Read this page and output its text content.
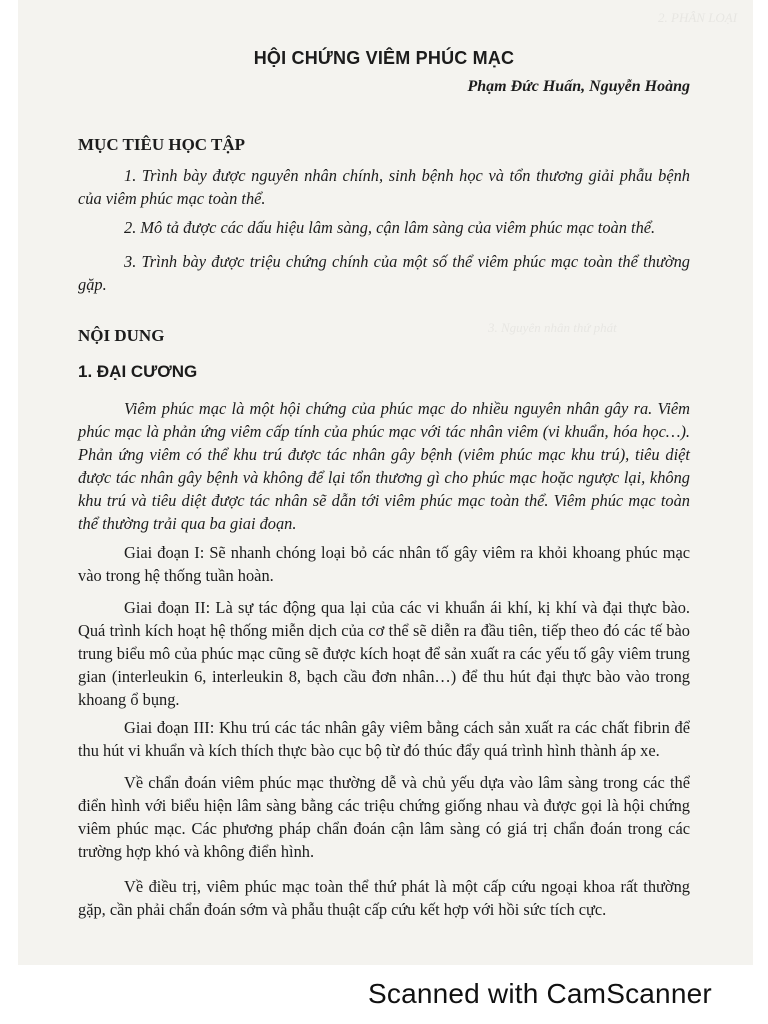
2. PHÂN LOẠI
3. Nguyên nhân thứ phát
HỘI CHỨNG VIÊM PHÚC MẠC
Phạm Đức Huấn, Nguyễn Hoàng
MỤC TIÊU HỌC TẬP

1. Trình bày được nguyên nhân chính, sinh bệnh học và tổn thương giải phẫu bệnh của viêm phúc mạc toàn thể.

2. Mô tả được các dấu hiệu lâm sàng, cận lâm sàng của viêm phúc mạc toàn thể.

3. Trình bày được triệu chứng chính của một số thể viêm phúc mạc toàn thể thường gặp.

NỘI DUNG
1. ĐẠI CƯƠNG

Viêm phúc mạc là một hội chứng của phúc mạc do nhiều nguyên nhân gây ra. Viêm phúc mạc là phản ứng viêm cấp tính của phúc mạc với tác nhân viêm (vi khuẩn, hóa học…). Phản ứng viêm có thể khu trú được tác nhân gây bệnh (viêm phúc mạc khu trú), tiêu diệt được tác nhân gây bệnh và không để lại tổn thương gì cho phúc mạc hoặc ngược lại, không khu trú và tiêu diệt được tác nhân sẽ dẫn tới viêm phúc mạc toàn thể. Viêm phúc mạc toàn thể thường trải qua ba giai đoạn.

Giai đoạn I: Sẽ nhanh chóng loại bỏ các nhân tố gây viêm ra khỏi khoang phúc mạc vào trong hệ thống tuần hoàn.

Giai đoạn II: Là sự tác động qua lại của các vi khuẩn ái khí, kị khí và đại thực bào. Quá trình kích hoạt hệ thống miễn dịch của cơ thể sẽ diễn ra đầu tiên, tiếp theo đó các tế bào trung biểu mô của phúc mạc cũng sẽ được kích hoạt để sản xuất ra các yếu tố gây viêm trung gian (interleukin 6, interleukin 8, bạch cầu đơn nhân…) để thu hút đại thực bào vào trong khoang ổ bụng.

Giai đoạn III: Khu trú các tác nhân gây viêm bằng cách sản xuất ra các chất fibrin để thu hút vi khuẩn và kích thích thực bào cục bộ từ đó thúc đẩy quá trình hình thành áp xe.

Về chẩn đoán viêm phúc mạc thường dễ và chủ yếu dựa vào lâm sàng trong các thể điển hình với biểu hiện lâm sàng bằng các triệu chứng giống nhau và được gọi là hội chứng viêm phúc mạc. Các phương pháp chẩn đoán cận lâm sàng có giá trị chẩn đoán trong các trường hợp khó và không điển hình.

Về điều trị, viêm phúc mạc toàn thể thứ phát là một cấp cứu ngoại khoa rất thường gặp, cần phải chẩn đoán sớm và phẫu thuật cấp cứu kết hợp với hồi sức tích cực.

Scanned with CamScanner
